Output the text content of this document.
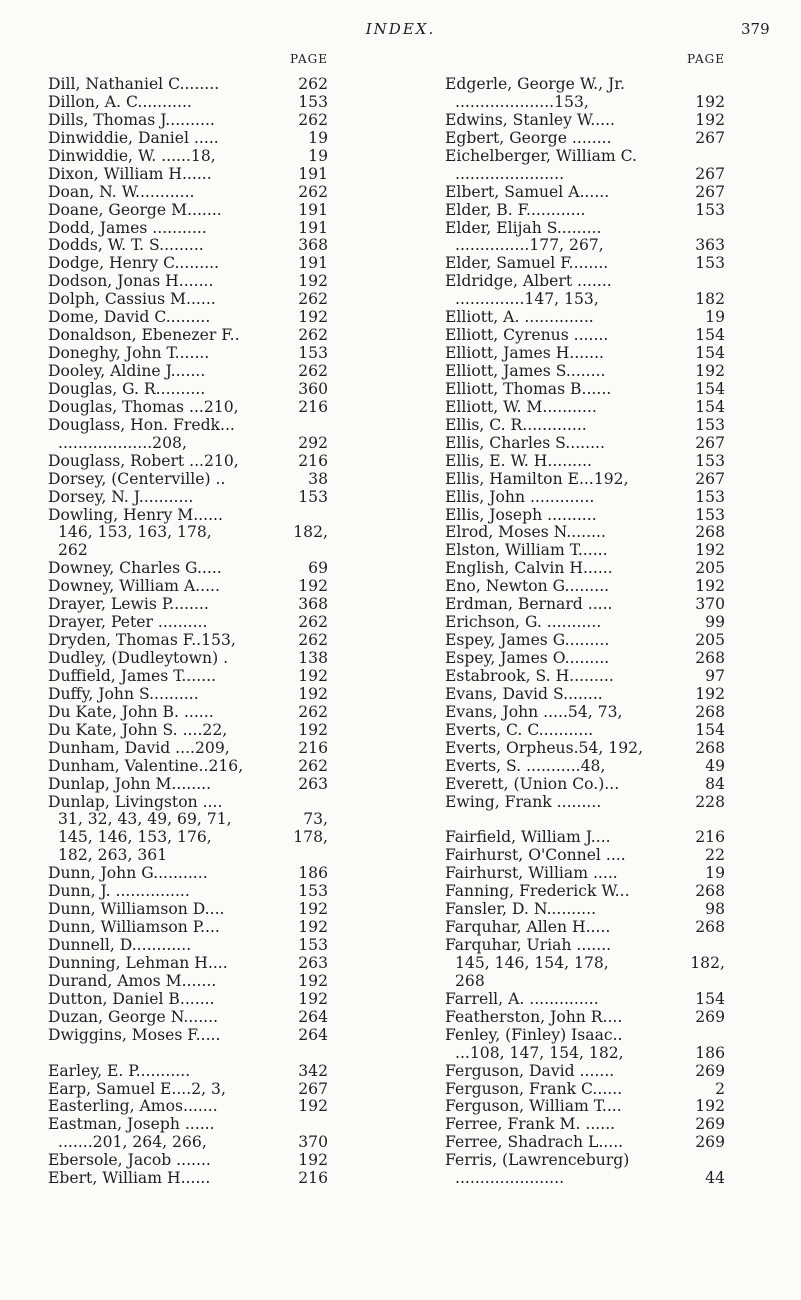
INDEX.	379
PAGE
Dill, Nathaniel C........	262
Dillon, A. C...........	153
Dills, Thomas J..........	262
Dinwiddie, Daniel .....	19
Dinwiddie, W. ......18,	19
Dixon, William H......	191
Doan, N. W............	262
Doane, George M.......	191
Dodd, James ...........	191
Dodds, W. T. S.........	368
Dodge, Henry C.........	191
Dodson, Jonas H.......	192
Dolph, Cassius M......	262
Dome, David C.........	192
Donaldson, Ebenezer F..	262
Doneghy, John T.......	153
Dooley, Aldine J.......	262
Douglas, G. R..........	360
Douglas, Thomas ...210,	216
Douglass, Hon. Fredk...
...................208,	292
Douglass, Robert ...210,	216
Dorsey, (Centerville) ..	38
Dorsey, N. J...........	153
Dowling, Henry M......
146, 153, 163, 178,	182,
262
Downey, Charles G.....	69
Downey, William A.....	192
Drayer, Lewis P........	368
Drayer, Peter ..........	262
Dryden, Thomas F..153,	262
Dudley, (Dudleytown) .	138
Duffield, James T.......	192
Duffy, John S..........	192
Du Kate, John B. ......	262
Du Kate, John S. ....22,	192
Dunham, David ....209,	216
Dunham, Valentine..216,	262
Dunlap, John M........	263
Dunlap, Livingston ....
31, 32, 43, 49, 69, 71,	73,
145, 146, 153, 176,	178,
182, 263, 361
Dunn, John G...........	186
Dunn, J. ...............	153
Dunn, Williamson D....	192
Dunn, Williamson P....	192
Dunnell, D............	153
Dunning, Lehman H....	263
Durand, Amos M.......	192
Dutton, Daniel B.......	192
Duzan, George N.......	264
Dwiggins, Moses F.....	264
Earley, E. P...........	342
Earp, Samuel E....2, 3,	267
Easterling, Amos.......	192
Eastman, Joseph ......
.......201, 264, 266,	370
Ebersole, Jacob .......	192
Ebert, William H......	216
PAGE
Edgerle, George W., Jr.
....................153,	192
Edwins, Stanley W.....	192
Egbert, George ........	267
Eichelberger, William C.
......................	267
Elbert, Samuel A......	267
Elder, B. F............	153
Elder, Elijah S.........
...............177, 267,	363
Elder, Samuel F........	153
Eldridge, Albert .......
..............147, 153,	182
Elliott, A. ..............	19
Elliott, Cyrenus .......	154
Elliott, James H.......	154
Elliott, James S........	192
Elliott, Thomas B......	154
Elliott, W. M...........	154
Ellis, C. R.............	153
Ellis, Charles S........	267
Ellis, E. W. H.........	153
Ellis, Hamilton E...192,	267
Ellis, John .............	153
Ellis, Joseph ..........	153
Elrod, Moses N........	268
Elston, William T......	192
English, Calvin H......	205
Eno, Newton G.........	192
Erdman, Bernard .....	370
Erichson, G. ...........	99
Espey, James G.........	205
Espey, James O.........	268
Estabrook, S. H.........	97
Evans, David S........	192
Evans, John .....54, 73,	268
Everts, C. C...........	154
Everts, Orpheus.54, 192,	268
Everts, S. ...........48,	49
Everett, (Union Co.)...	84
Ewing, Frank .........	228
Fairfield, William J....	216
Fairhurst, O'Connel ....	22
Fairhurst, William .....	19
Fanning, Frederick W...	268
Fansler, D. N..........	98
Farquhar, Allen H.....	268
Farquhar, Uriah .......
145, 146, 154, 178,	182,
268
Farrell, A. ..............	154
Featherston, John R....	269
Fenley, (Finley) Isaac..
...108, 147, 154, 182,	186
Ferguson, David .......	269
Ferguson, Frank C......	2
Ferguson, William T....	192
Ferree, Frank M. ......	269
Ferree, Shadrach L.....	269
Ferris, (Lawrenceburg)
......................	44
